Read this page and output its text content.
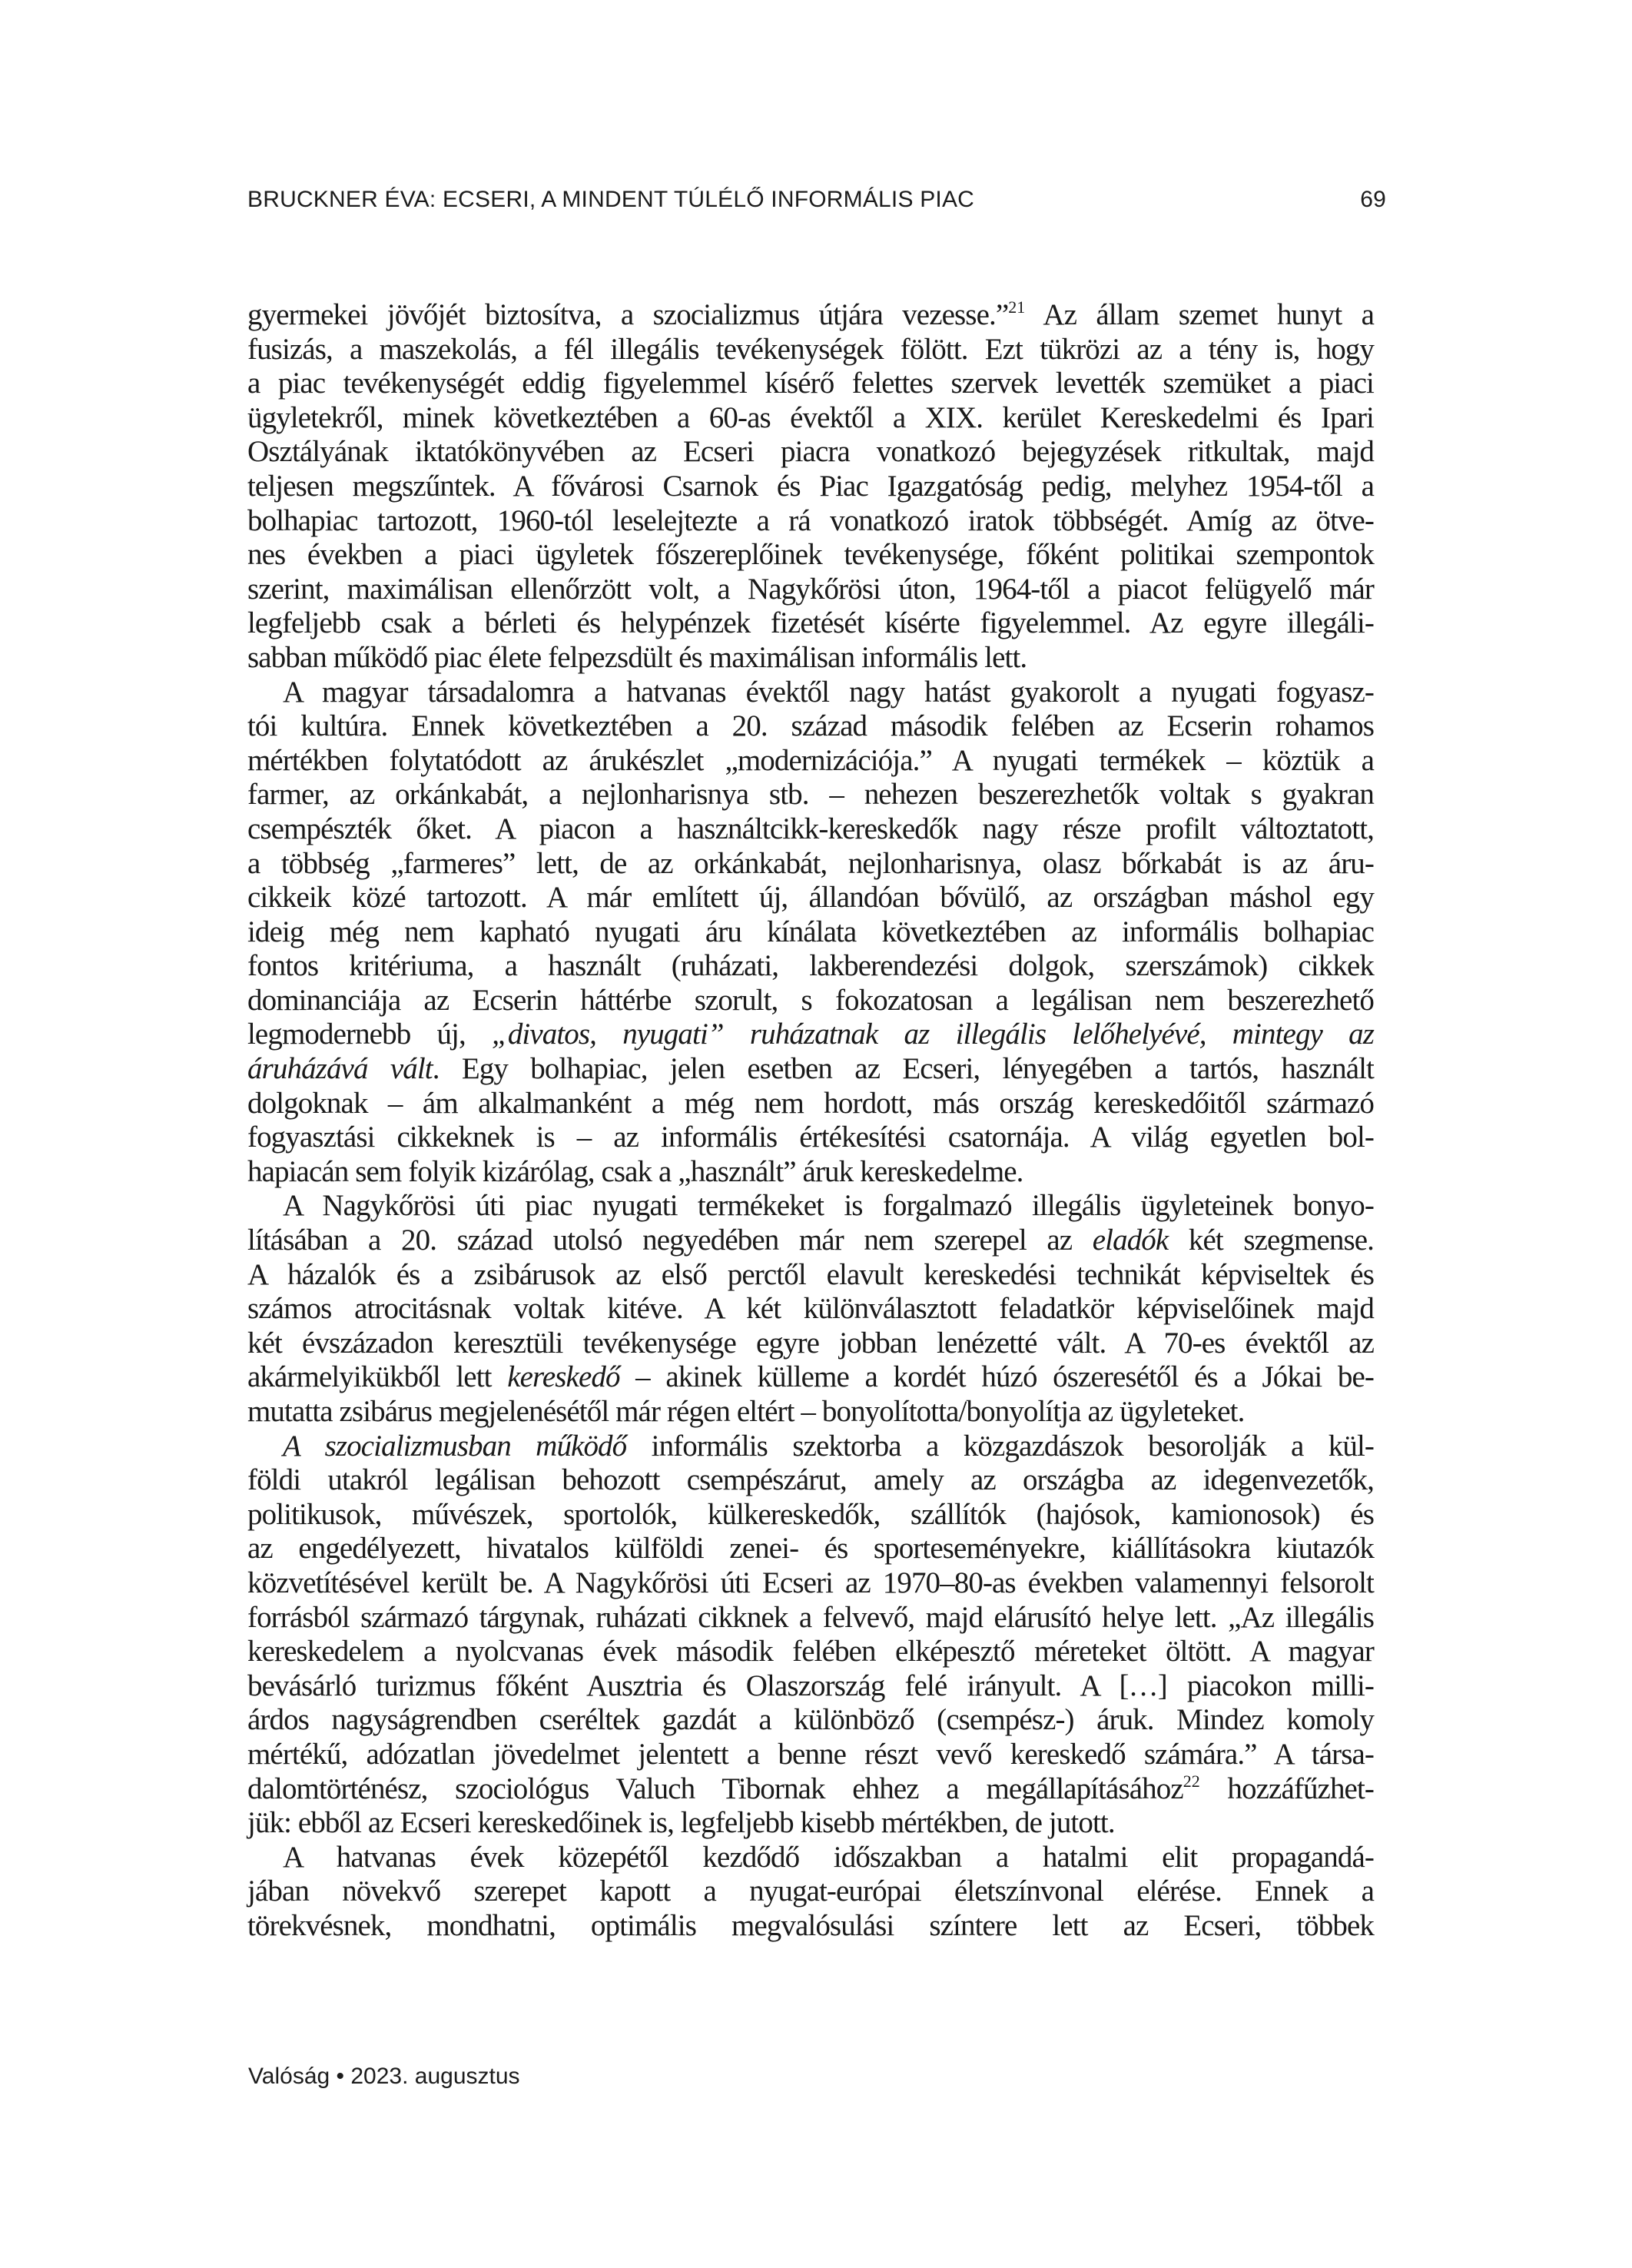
BRUCKNER ÉVA: ECSERI, A MINDENT TÚLÉLŐ INFORMÁLIS PIAC	69
gyermekei jövőjét biztosítva, a szocializmus útjára vezesse.”$^{21}$ Az állam szemet hunyt a
fusizás, a maszekolás, a fél illegális tevékenységek fölött. Ezt tükrözi az a tény is, hogy
a piac tevékenységét eddig figyelemmel kísérő felettes szervek levették szemüket a piaci
ügyletekről, minek következtében a 60-as évektől a XIX. kerület Kereskedelmi és Ipari
Osztályának iktatókönyvében az Ecseri piacra vonatkozó bejegyzések ritkultak, majd
teljesen megszűntek. A fővárosi Csarnok és Piac Igazgatóság pedig, melyhez 1954-től a
bolhapiac tartozott, 1960-tól leselejtezte a rá vonatkozó iratok többségét. Amíg az ötve-
nes években a piaci ügyletek főszereplőinek tevékenysége, főként politikai szempontok
szerint, maximálisan ellenőrzött volt, a Nagykőrösi úton, 1964-től a piacot felügyelő már
legfeljebb csak a bérleti és helypénzek fizetését kísérte figyelemmel. Az egyre illegáli-
sabban működő piac élete felpezsdült és maximálisan informális lett.
A magyar társadalomra a hatvanas évektől nagy hatást gyakorolt a nyugati fogyasz-
tói kultúra. Ennek következtében a 20. század második felében az Ecserin rohamos
mértékben folytatódott az árukészlet „modernizációja.” A nyugati termékek – köztük a
farmer, az orkánkabát, a nejlonharisnya stb. – nehezen beszerezhetők voltak s gyakran
csempészték őket. A piacon a használtcikk-kereskedők nagy része profilt változtatott,
a többség „farmeres” lett, de az orkánkabát, nejlonharisnya, olasz bőrkabát is az áru-
cikkeik közé tartozott. A már említett új, állandóan bővülő, az országban máshol egy
ideig még nem kapható nyugati áru kínálata következtében az informális bolhapiac
fontos kritériuma, a használt (ruházati, lakberendezési dolgok, szerszámok) cikkek
dominanciája az Ecserin háttérbe szorult, s fokozatosan a legálisan nem beszerezhető
legmodernebb új, „divatos, nyugati” ruházatnak az illegális lelőhelyévé, mintegy az
áruházává vált. Egy bolhapiac, jelen esetben az Ecseri, lényegében a tartós, használt
dolgoknak – ám alkalmanként a még nem hordott, más ország kereskedőitől származó
fogyasztási cikkeknek is – az informális értékesítési csatornája. A világ egyetlen bol-
hapiacán sem folyik kizárólag, csak a „használt” áruk kereskedelme.
A Nagykőrösi úti piac nyugati termékeket is forgalmazó illegális ügyleteinek bonyo-
lításában a 20. század utolsó negyedében már nem szerepel az eladók két szegmense.
A házalók és a zsibárusok az első perctől elavult kereskedési technikát képviseltek és
számos atrocitásnak voltak kitéve. A két különválasztott feladatkör képviselőinek majd
két évszázadon keresztüli tevékenysége egyre jobban lenézetté vált. A 70-es évektől az
akármelyikükből lett kereskedő – akinek külleme a kordét húzó ószeresétől és a Jókai be-
mutatta zsibárus megjelenésétől már régen eltért – bonyolította/bonyolítja az ügyleteket.
A szocializmusban működő informális szektorba a közgazdászok besorolják a kül-
földi utakról legálisan behozott csempészárut, amely az országba az idegenvezetők,
politikusok, művészek, sportolók, külkereskedők, szállítók (hajósok, kamionosok) és
az engedélyezett, hivatalos külföldi zenei- és sporteseményekre, kiállításokra kiutazók
közvetítésével került be. A Nagykőrösi úti Ecseri az 1970–80-as években valamennyi felsorolt
forrásból származó tárgynak, ruházati cikknek a felvevő, majd elárusító helye lett. „Az illegális
kereskedelem a nyolcvanas évek második felében elképesztő méreteket öltött. A magyar
bevásárló turizmus főként Ausztria és Olaszország felé irányult. A […] piacokon milli-
árdos nagyságrendben cseréltek gazdát a különböző (csempész-) áruk. Mindez komoly
mértékű, adózatlan jövedelmet jelentett a benne részt vevő kereskedő számára.” A társa-
dalomtörténész, szociológus Valuch Tibornak ehhez a megállapításához$^{22}$ hozzáfűzhet-
jük: ebből az Ecseri kereskedőinek is, legfeljebb kisebb mértékben, de jutott.
A hatvanas évek közepétől kezdődő időszakban a hatalmi elit propagandá-
jában növekvő szerepet kapott a nyugat-európai életszínvonal elérése. Ennek a
törekvésnek, mondhatni, optimális megvalósulási színtere lett az Ecseri, többek
Valóság • 2023. augusztus
